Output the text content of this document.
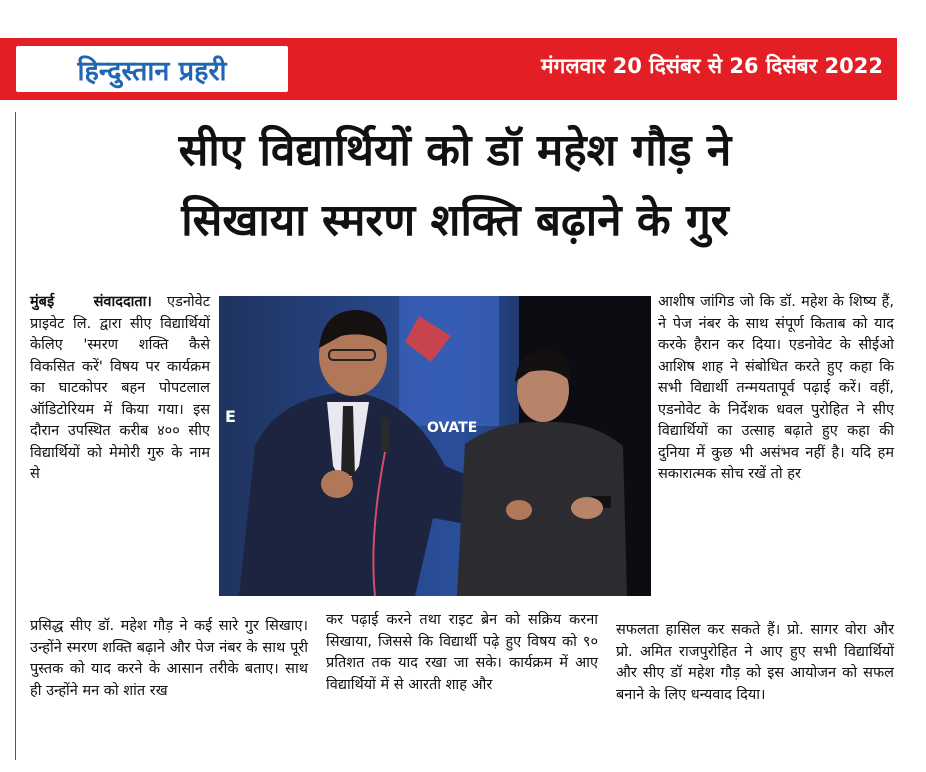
हिन्दुस्तान प्रहरी	मंगलवार 20 दिसंबर से 26 दिसंबर 2022
सीए विद्यार्थियों को डॉ महेश गौड़ ने
सिखाया स्मरण शक्ति बढ़ाने के गुर
मुंबई संवाददाता। एडनोवेट प्राइवेट लि. द्वारा सीए विद्यार्थियों केलिए 'स्मरण शक्ति कैसे विकसित करें' विषय पर कार्यक्रम का घाटकोपर बहन पोपटलाल ऑडिटोरियम में किया गया। इस दौरान उपस्थित करीब ४०० सीए विद्यार्थियों को मेमोरी गुरु के नाम से
प्रसिद्ध सीए डॉ. महेश गौड़ ने कई सारे गुर सिखाए। उन्होंने स्मरण शक्ति बढ़ाने और पेज नंबर के साथ पूरी पुस्तक को याद करने के आसान तरीके बताए। साथ ही उन्होंने मन को शांत रख
E
OVATE
कर पढ़ाई करने तथा राइट ब्रेन को सक्रिय करना सिखाया, जिससे कि विद्यार्थी पढ़े हुए विषय को ९० प्रतिशत तक याद रखा जा सके। कार्यक्रम में आए विद्यार्थियों में से आरती शाह और
आशीष जांगिड जो कि डॉ. महेश के शिष्य हैं, ने पेज नंबर के साथ संपूर्ण किताब को याद करके हैरान कर दिया। एडनोवेट के सीईओ आशिष शाह ने संबोधित करते हुए कहा कि सभी विद्यार्थी तन्मयतापूर्व पढ़ाई करें। वहीं, एडनोवेट के निर्देशक धवल पुरोहित ने सीए विद्यार्थियों का उत्साह बढ़ाते हुए कहा की दुनिया में कुछ भी असंभव नहीं है। यदि हम सकारात्मक सोच रखें तो हर
सफलता हासिल कर सकते हैं। प्रो. सागर वोरा और प्रो. अमित राजपुरोहित ने आए हुए सभी विद्यार्थियों और सीए डॉ महेश गौड़ को इस आयोजन को सफल बनाने के लिए धन्यवाद दिया।
